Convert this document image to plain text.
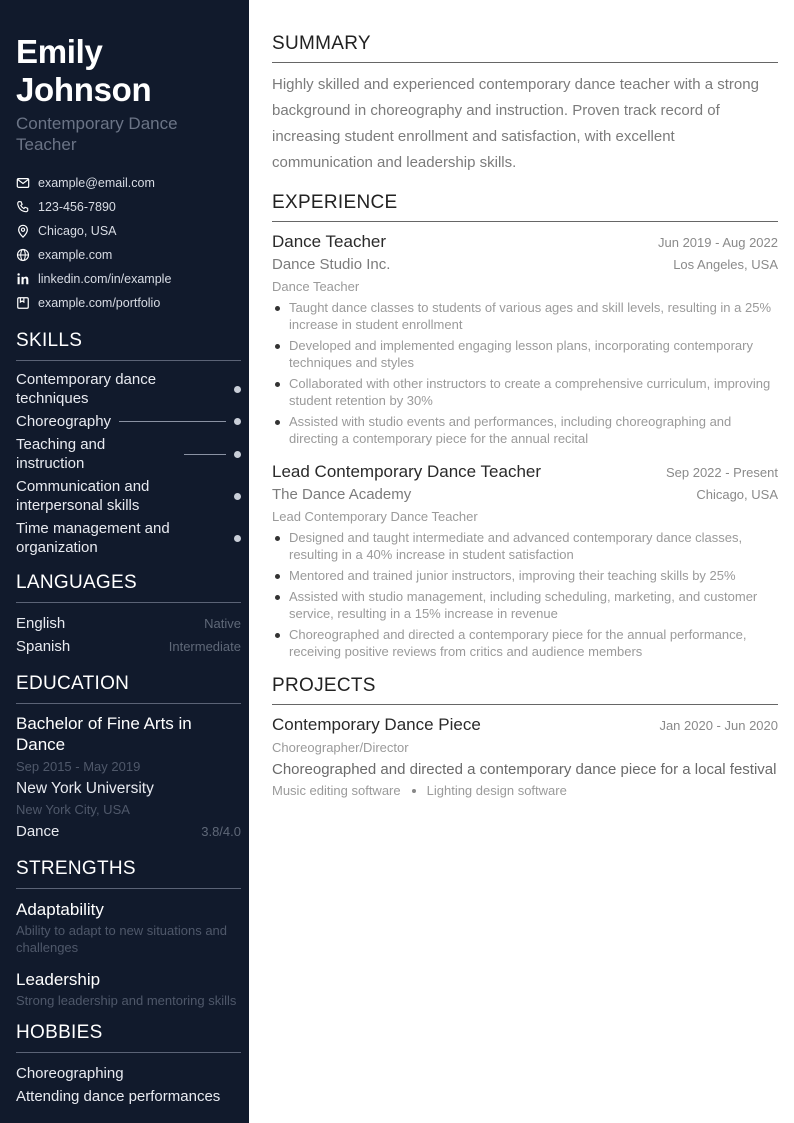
Emily Johnson
Contemporary Dance Teacher
example@email.com
123-456-7890
Chicago, USA
example.com
linkedin.com/in/example
example.com/portfolio
SKILLS
Contemporary dance techniques
Choreography
Teaching and instruction
Communication and interpersonal skills
Time management and organization
LANGUAGES
English	Native
Spanish	Intermediate
EDUCATION
Bachelor of Fine Arts in Dance
Sep 2015 - May 2019
New York University
New York City, USA
Dance	3.8/4.0
STRENGTHS
Adaptability
Ability to adapt to new situations and challenges
Leadership
Strong leadership and mentoring skills
HOBBIES
Choreographing
Attending dance performances
SUMMARY

Highly skilled and experienced contemporary dance teacher with a strong background in choreography and instruction. Proven track record of increasing student enrollment and satisfaction, with excellent communication and leadership skills.

EXPERIENCE
Dance Teacher	Jun 2019 - Aug 2022
Dance Studio Inc.	Los Angeles, USA
Dance Teacher
Taught dance classes to students of various ages and skill levels, resulting in a 25% increase in student enrollment
Developed and implemented engaging lesson plans, incorporating contemporary techniques and styles
Collaborated with other instructors to create a comprehensive curriculum, improving student retention by 30%
Assisted with studio events and performances, including choreographing and directing a contemporary piece for the annual recital
Lead Contemporary Dance Teacher	Sep 2022 - Present
The Dance Academy	Chicago, USA
Lead Contemporary Dance Teacher
Designed and taught intermediate and advanced contemporary dance classes, resulting in a 40% increase in student satisfaction
Mentored and trained junior instructors, improving their teaching skills by 25%
Assisted with studio management, including scheduling, marketing, and customer service, resulting in a 15% increase in revenue
Choreographed and directed a contemporary piece for the annual performance, receiving positive reviews from critics and audience members
PROJECTS
Contemporary Dance Piece	Jan 2020 - Jun 2020
Choreographer/Director
Choreographed and directed a contemporary dance piece for a local festival
Music editing software Lighting design software
